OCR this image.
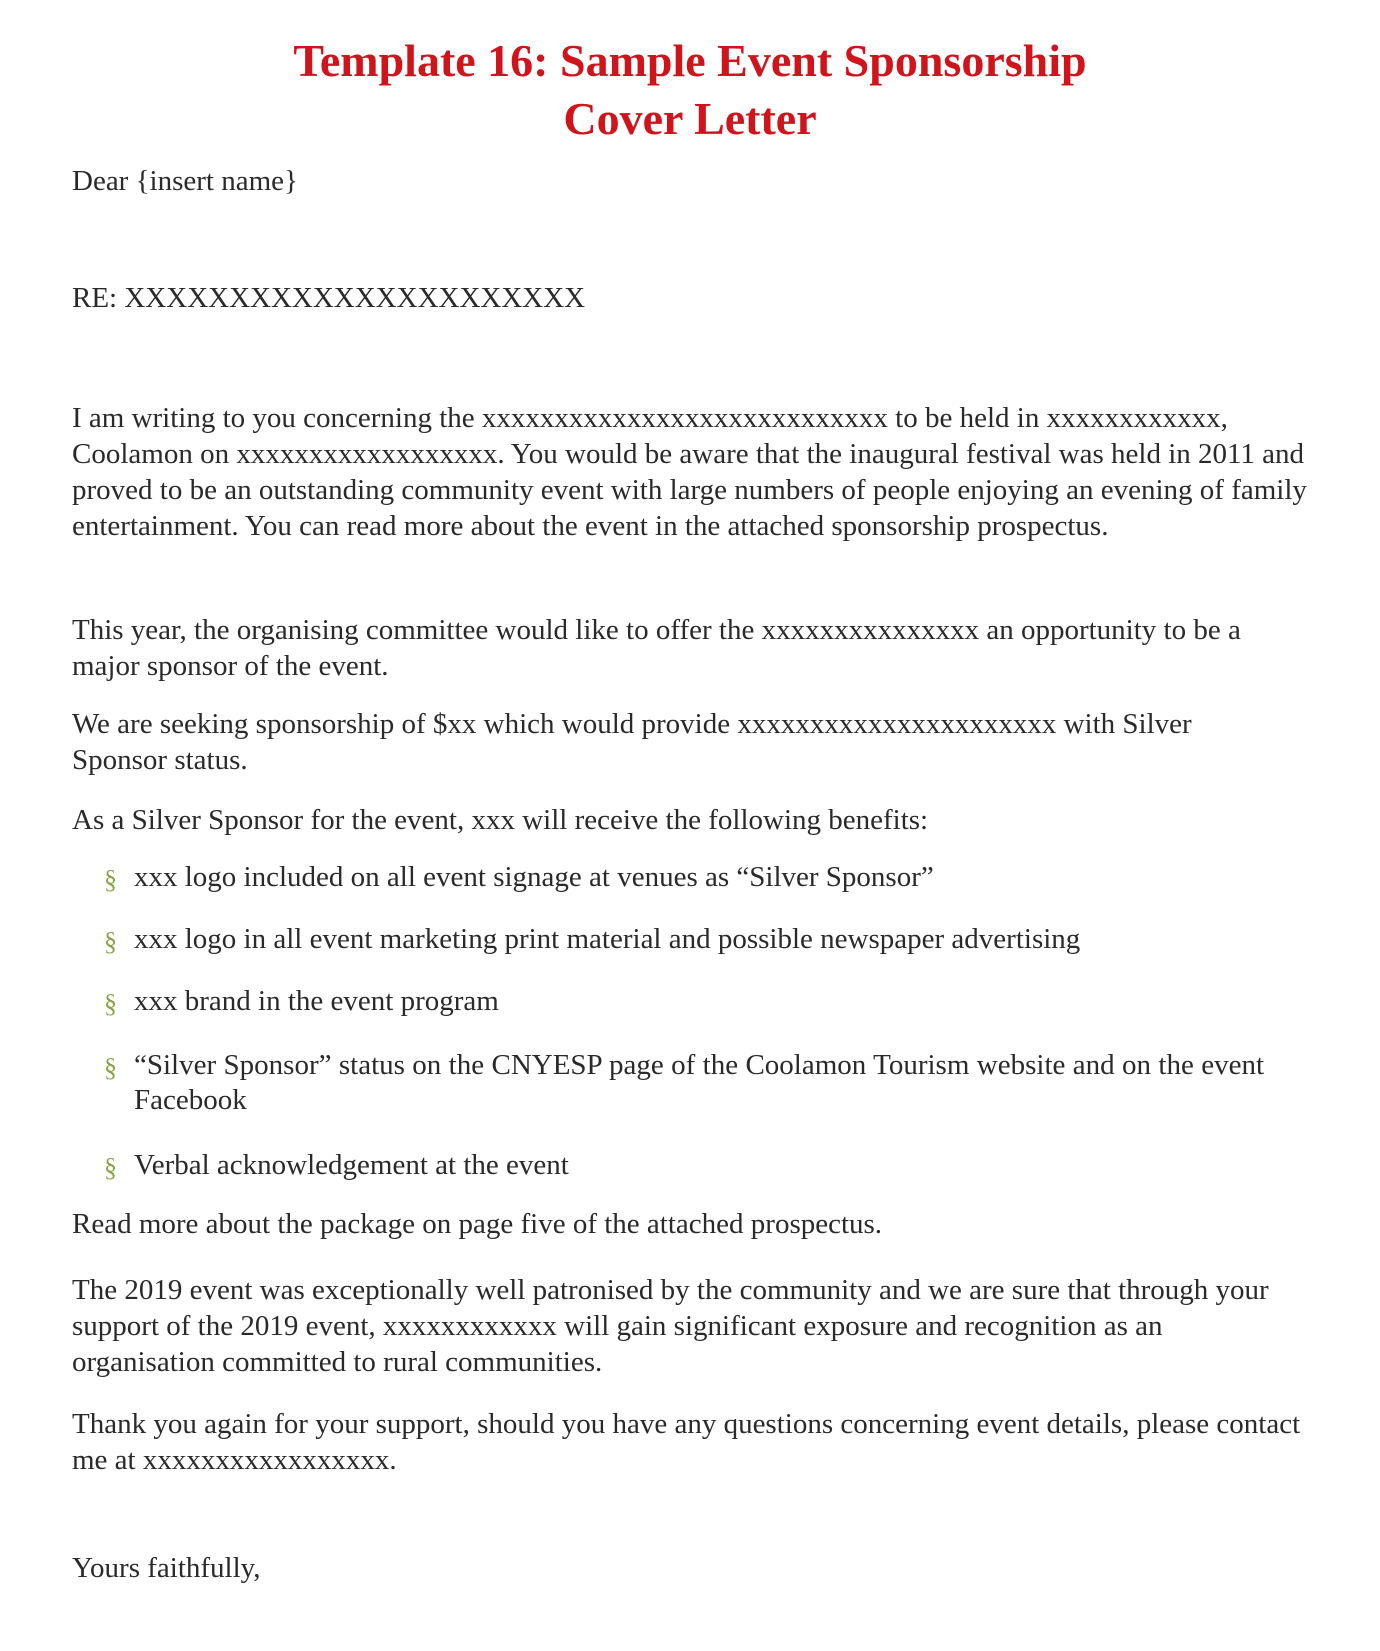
Template 16: Sample Event Sponsorship
Cover Letter

Dear {insert name}

RE: XXXXXXXXXXXXXXXXXXXXXX

I am writing to you concerning the xxxxxxxxxxxxxxxxxxxxxxxxxxxx to be held in xxxxxxxxxxxx, Coolamon on xxxxxxxxxxxxxxxxxx. You would be aware that the inaugural festival was held in 2011 and proved to be an outstanding community event with large numbers of people enjoying an evening of family entertainment. You can read more about the event in the attached sponsorship prospectus.

This year, the organising committee would like to offer the xxxxxxxxxxxxxxx an opportunity to be a major sponsor of the event.

We are seeking sponsorship of $xx which would provide xxxxxxxxxxxxxxxxxxxxxx with Silver Sponsor status.

As a Silver Sponsor for the event, xxx will receive the following benefits:

§ xxx logo included on all event signage at venues as “Silver Sponsor”
§ xxx logo in all event marketing print material and possible newspaper advertising
§ xxx brand in the event program
§ “Silver Sponsor” status on the CNYESP page of the Coolamon Tourism website and on the event Facebook
§ Verbal acknowledgement at the event

Read more about the package on page five of the attached prospectus.

The 2019 event was exceptionally well patronised by the community and we are sure that through your support of the 2019 event, xxxxxxxxxxxx will gain significant exposure and recognition as an organisation committed to rural communities.

Thank you again for your support, should you have any questions concerning event details, please contact me at xxxxxxxxxxxxxxxxx.

Yours faithfully,
